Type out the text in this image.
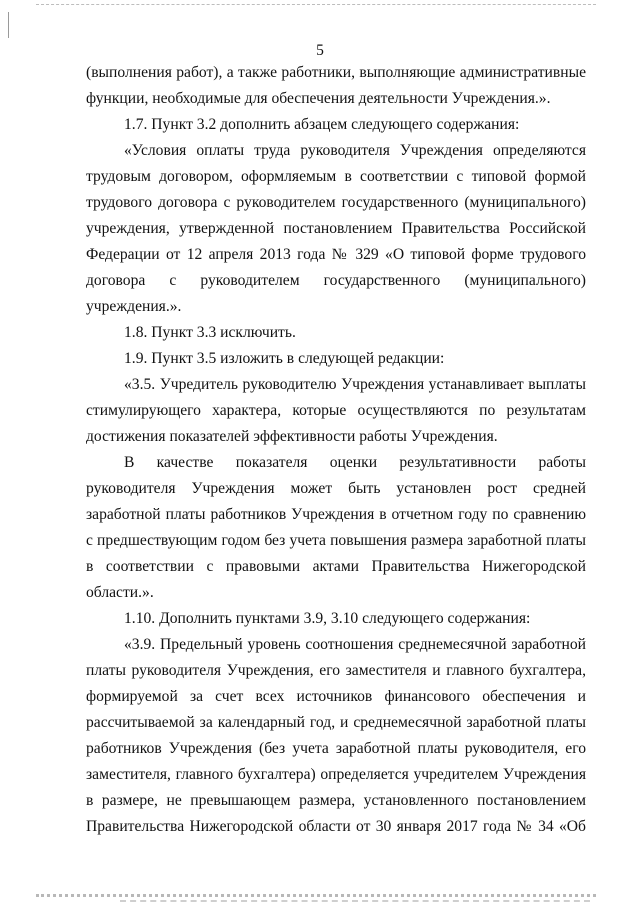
5

(выполнения работ), а также работники, выполняющие административные функции, необходимые для обеспечения деятельности Учреждения.».

1.7. Пункт 3.2 дополнить абзацем следующего содержания:

«Условия оплаты труда руководителя Учреждения определяются трудовым договором, оформляемым в соответствии с типовой формой трудового договора с руководителем государственного (муниципального) учреждения, утвержденной постановлением Правительства Российской Федерации от 12 апреля 2013 года № 329 «О типовой форме трудового договора с руководителем государственного (муниципального) учреждения.».

1.8. Пункт 3.3 исключить.

1.9. Пункт 3.5 изложить в следующей редакции:

«3.5. Учредитель руководителю Учреждения устанавливает выплаты стимулирующего характера, которые осуществляются по результатам достижения показателей эффективности работы Учреждения.

В качестве показателя оценки результативности работы руководителя Учреждения может быть установлен рост средней заработной платы работников Учреждения в отчетном году по сравнению с предшествующим годом без учета повышения размера заработной платы в соответствии с правовыми актами Правительства Нижегородской области.».

1.10. Дополнить пунктами 3.9, 3.10 следующего содержания:

«3.9. Предельный уровень соотношения среднемесячной заработной платы руководителя Учреждения, его заместителя и главного бухгалтера, формируемой за счет всех источников финансового обеспечения и рассчитываемой за календарный год, и среднемесячной заработной платы работников Учреждения (без учета заработной платы руководителя, его заместителя, главного бухгалтера) определяется учредителем Учреждения в размере, не превышающем размера, установленного постановлением Правительства Нижегородской области от 30 января 2017 года № 34 «Об
